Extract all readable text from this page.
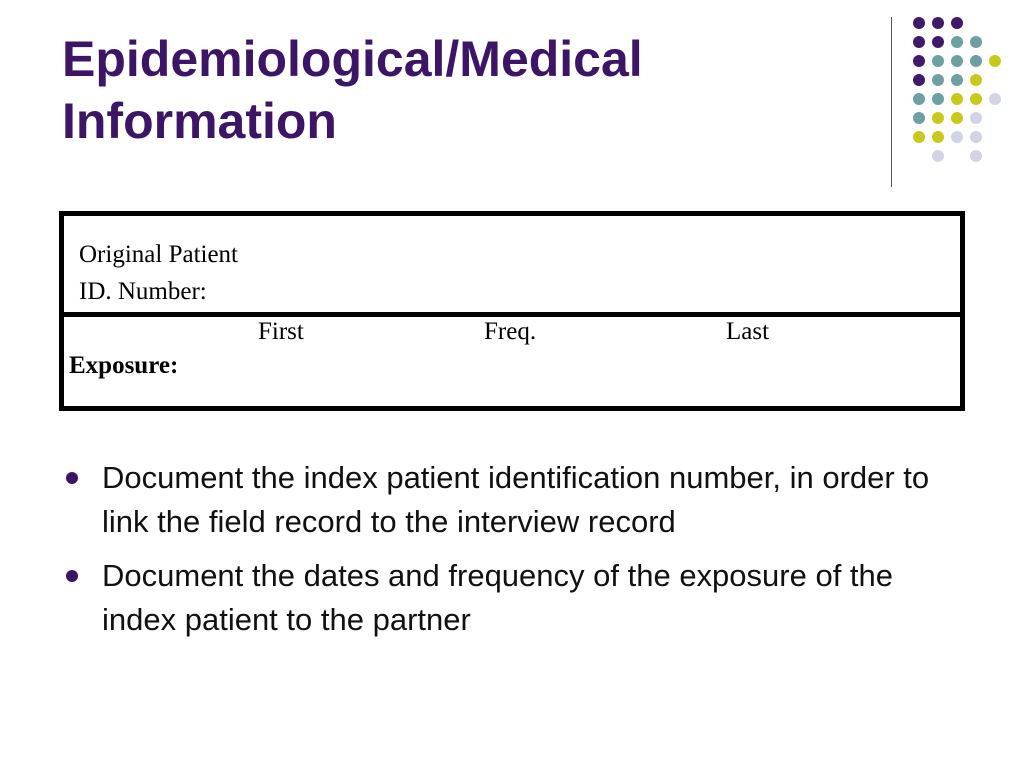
Epidemiological/Medical Information
Original Patient
ID. Number:
First	Freq.	Last
Exposure:
Document the index patient identification number, in order to link the field record to the interview record
Document the dates and frequency of the exposure of the index patient to the partner
